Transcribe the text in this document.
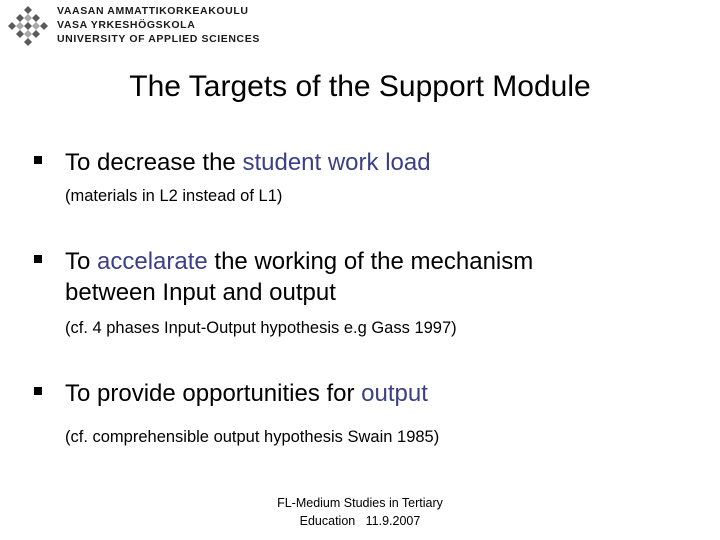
VAASAN AMMATTIKORKEAKOULU
VASA YRKESHÖGSKOLA
UNIVERSITY OF APPLIED SCIENCES
The Targets of the Support Module
To decrease the student work load
(materials in L2 instead of L1)
To accelarate the working of the mechanism
between Input and output
(cf. 4 phases Input-Output hypothesis e.g Gass 1997)
To provide opportunities for output
(cf. comprehensible output hypothesis Swain 1985)
FL-Medium Studies in Tertiary
Education   11.9.2007
